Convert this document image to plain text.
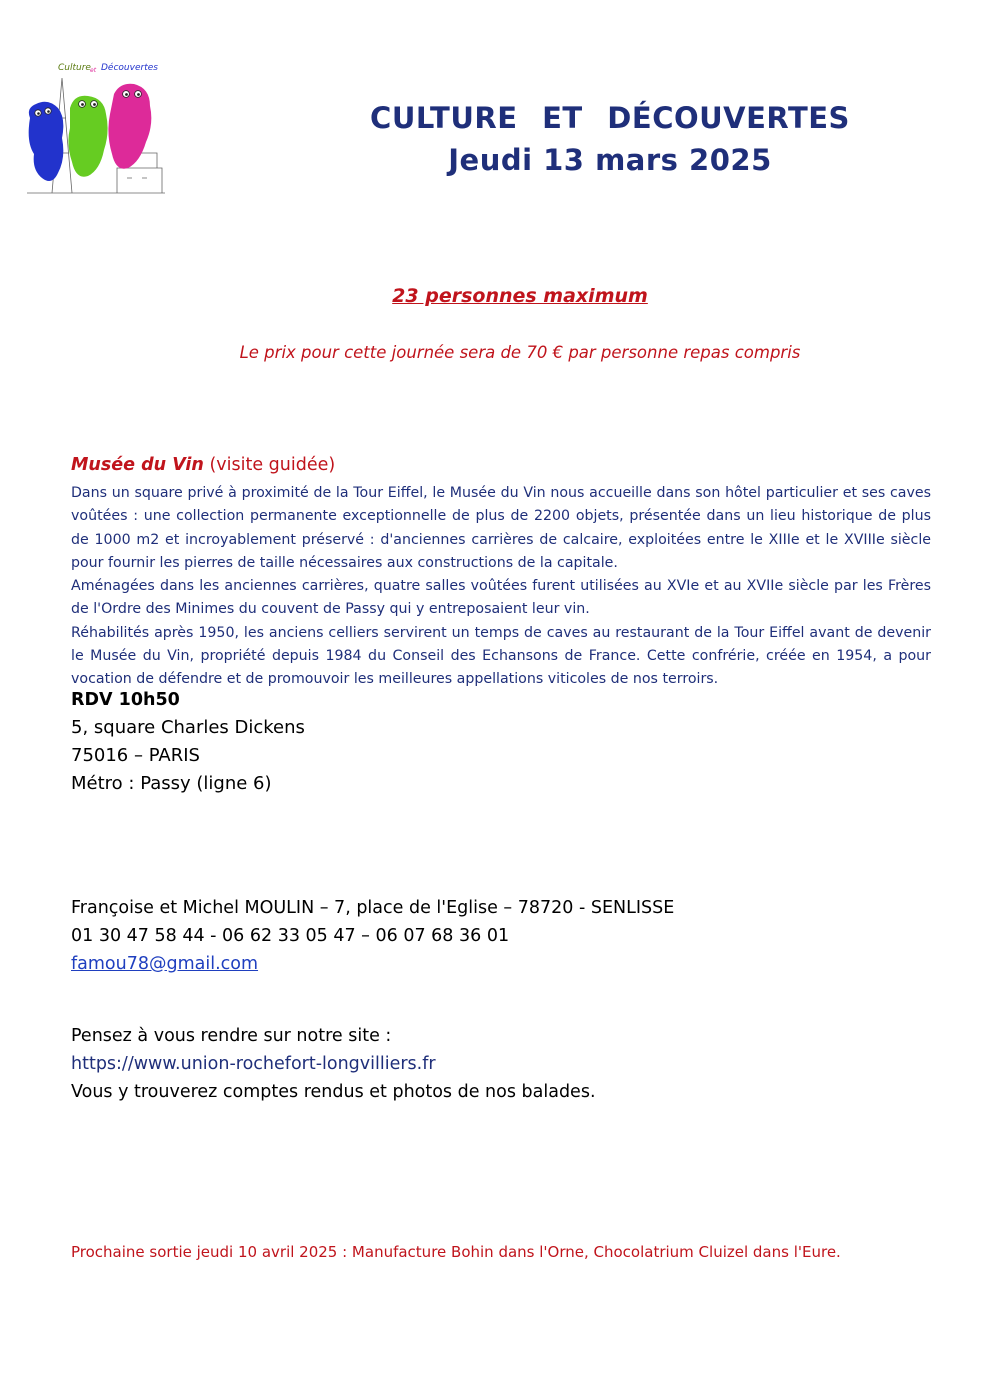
Culture et Découvertes
CULTURE ET DÉCOUVERTES
Jeudi 13 mars 2025
23 personnes maximum
Le prix pour cette journée sera de 70 € par personne repas compris
Musée du Vin (visite guidée)

Dans un square privé à proximité de la Tour Eiffel, le Musée du Vin nous accueille dans son hôtel particulier et ses caves voûtées : une collection permanente exceptionnelle de plus de 2200 objets, présentée dans un lieu historique de plus de 1000 m2 et incroyablement préservé : d'anciennes carrières de calcaire, exploitées entre le XIIIe et le XVIIIe siècle pour fournir les pierres de taille nécessaires aux constructions de la capitale.

Aménagées dans les anciennes carrières, quatre salles voûtées furent utilisées au XVIe et au XVIIe siècle par les Frères de l'Ordre des Minimes du couvent de Passy qui y entreposaient leur vin.

Réhabilités après 1950, les anciens celliers servirent un temps de caves au restaurant de la Tour Eiffel avant de devenir le Musée du Vin, propriété depuis 1984 du Conseil des Echansons de France. Cette confrérie, créée en 1954, a pour vocation de défendre et de promouvoir les meilleures appellations viticoles de nos terroirs.

RDV 10h50
5, square Charles Dickens
75016 – PARIS
Métro : Passy (ligne 6)
Françoise et Michel MOULIN – 7, place de l'Eglise – 78720 - SENLISSE
01 30 47 58 44 - 06 62 33 05 47 – 06 07 68 36 01
famou78@gmail.com
Pensez à vous rendre sur notre site :
https://www.union-rochefort-longvilliers.fr
Vous y trouverez comptes rendus et photos de nos balades.
Prochaine sortie jeudi 10 avril 2025 : Manufacture Bohin dans l'Orne, Chocolatrium Cluizel dans l'Eure.
